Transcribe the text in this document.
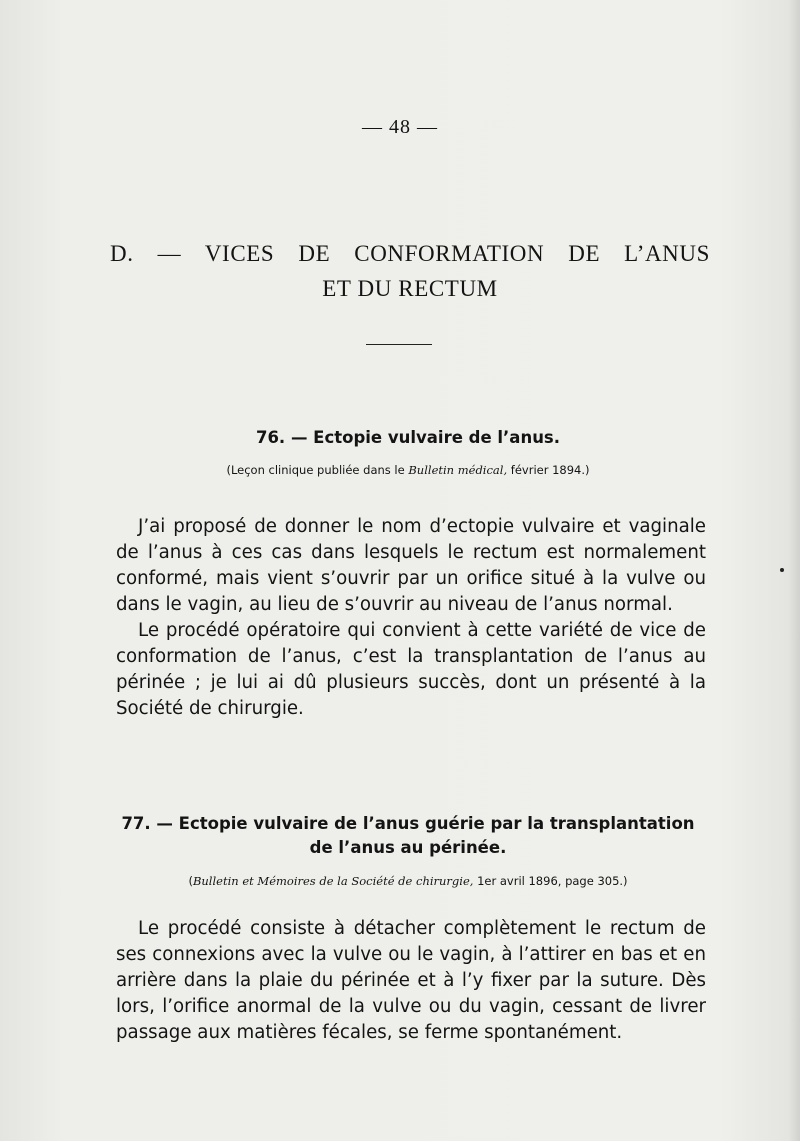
— 48 —
D. — VICES DE CONFORMATION DE L’ANUS
ET DU RECTUM
76. — Ectopie vulvaire de l’anus.
(Leçon clinique publiée dans le Bulletin médical, février 1894.)

J’ai proposé de donner le nom d’ectopie vulvaire et vaginale de l’anus à ces cas dans lesquels le rectum est normalement conformé, mais vient s’ouvrir par un orifice situé à la vulve ou dans le vagin, au lieu de s’ouvrir au niveau de l’anus normal.

Le procédé opératoire qui convient à cette variété de vice de conformation de l’anus, c’est la transplantation de l’anus au périnée ; je lui ai dû plusieurs succès, dont un présenté à la Société de chirurgie.

77. — Ectopie vulvaire de l’anus guérie par la transplantation de l’anus au périnée.
(Bulletin et Mémoires de la Société de chirurgie, 1er avril 1896, page 305.)

Le procédé consiste à détacher complètement le rectum de ses connexions avec la vulve ou le vagin, à l’attirer en bas et en arrière dans la plaie du périnée et à l’y fixer par la suture. Dès lors, l’orifice anormal de la vulve ou du vagin, cessant de livrer passage aux matières fécales, se ferme spontanément.
